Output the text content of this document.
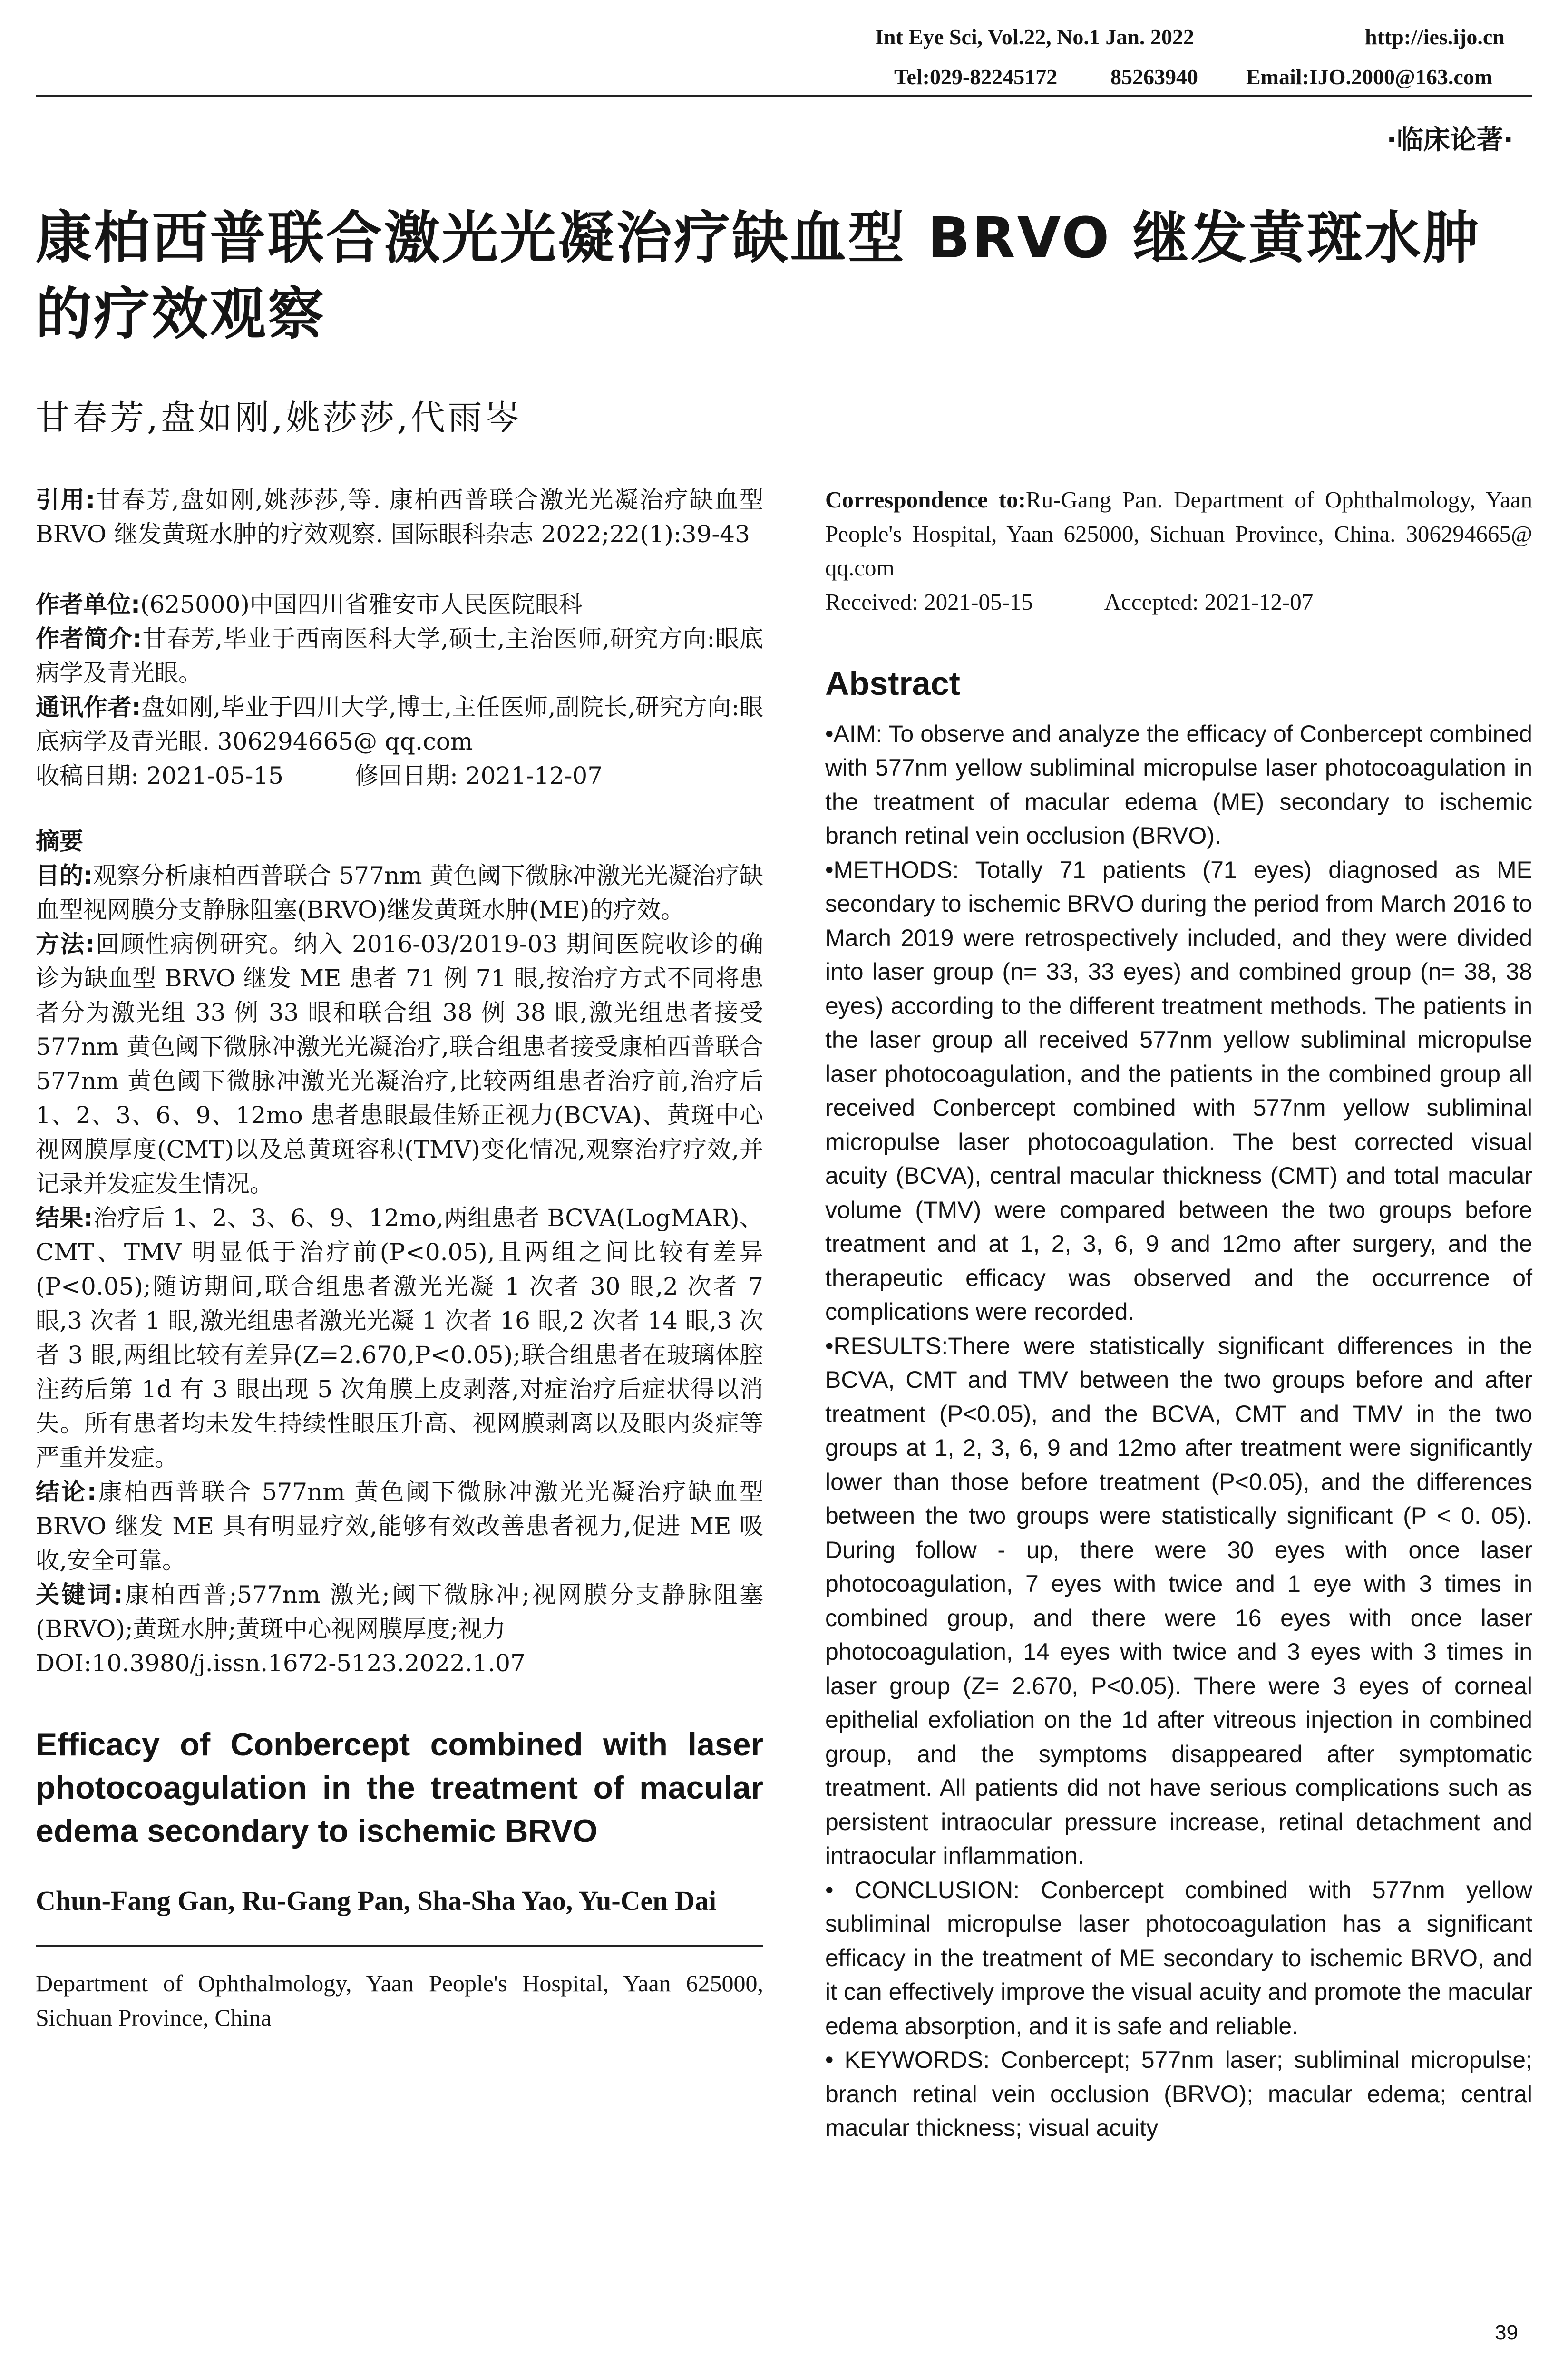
Int Eye Sci, Vol.22, No.1 Jan. 2022	http://ies.ijo.cn
Tel:029-82245172 85263940 Email:IJO.2000@163.com
·临床论著·
康柏西普联合激光光凝治疗缺血型 BRVO 继发黄斑水肿的疗效观察
甘春芳,盘如刚,姚莎莎,代雨岑

引用:甘春芳,盘如刚,姚莎莎,等. 康柏西普联合激光光凝治疗缺血型 BRVO 继发黄斑水肿的疗效观察. 国际眼科杂志 2022;22(1):39-43

作者单位:(625000)中国四川省雅安市人民医院眼科

作者简介:甘春芳,毕业于西南医科大学,硕士,主治医师,研究方向:眼底病学及青光眼。

通讯作者:盘如刚,毕业于四川大学,博士,主任医师,副院长,研究方向:眼底病学及青光眼. 306294665@ qq.com

收稿日期: 2021-05-15	修回日期: 2021-12-07

摘要

目的:观察分析康柏西普联合 577nm 黄色阈下微脉冲激光光凝治疗缺血型视网膜分支静脉阻塞(BRVO)继发黄斑水肿(ME)的疗效。

方法:回顾性病例研究。纳入 2016-03/2019-03 期间医院收诊的确诊为缺血型 BRVO 继发 ME 患者 71 例 71 眼,按治疗方式不同将患者分为激光组 33 例 33 眼和联合组 38 例 38 眼,激光组患者接受 577nm 黄色阈下微脉冲激光光凝治疗,联合组患者接受康柏西普联合 577nm 黄色阈下微脉冲激光光凝治疗,比较两组患者治疗前,治疗后 1、2、3、6、9、12mo 患者患眼最佳矫正视力(BCVA)、黄斑中心视网膜厚度(CMT)以及总黄斑容积(TMV)变化情况,观察治疗疗效,并记录并发症发生情况。

结果:治疗后 1、2、3、6、9、12mo,两组患者 BCVA(LogMAR)、CMT、TMV 明显低于治疗前(P<0.05),且两组之间比较有差异(P<0.05);随访期间,联合组患者激光光凝 1 次者 30 眼,2 次者 7 眼,3 次者 1 眼,激光组患者激光光凝 1 次者 16 眼,2 次者 14 眼,3 次者 3 眼,两组比较有差异(Z=2.670,P<0.05);联合组患者在玻璃体腔注药后第 1d 有 3 眼出现 5 次角膜上皮剥落,对症治疗后症状得以消失。所有患者均未发生持续性眼压升高、视网膜剥离以及眼内炎症等严重并发症。

结论:康柏西普联合 577nm 黄色阈下微脉冲激光光凝治疗缺血型 BRVO 继发 ME 具有明显疗效,能够有效改善患者视力,促进 ME 吸收,安全可靠。

关键词:康柏西普;577nm 激光;阈下微脉冲;视网膜分支静脉阻塞(BRVO);黄斑水肿;黄斑中心视网膜厚度;视力

DOI:10.3980/j.issn.1672-5123.2022.1.07

Efficacy of Conbercept combined with laser photocoagulation in the treatment of macular edema secondary to ischemic BRVO

Chun-Fang Gan, Ru-Gang Pan, Sha-Sha Yao, Yu-Cen Dai

Department of Ophthalmology, Yaan People's Hospital, Yaan 625000, Sichuan Province, China

Correspondence to:Ru-Gang Pan. Department of Ophthalmology, Yaan People's Hospital, Yaan 625000, Sichuan Province, China. 306294665@ qq.com

Received: 2021-05-15	Accepted: 2021-12-07

Abstract

•AIM: To observe and analyze the efficacy of Conbercept combined with 577nm yellow subliminal micropulse laser photocoagulation in the treatment of macular edema (ME) secondary to ischemic branch retinal vein occlusion (BRVO).

•METHODS: Totally 71 patients (71 eyes) diagnosed as ME secondary to ischemic BRVO during the period from March 2016 to March 2019 were retrospectively included, and they were divided into laser group (n= 33, 33 eyes) and combined group (n= 38, 38 eyes) according to the different treatment methods. The patients in the laser group all received 577nm yellow subliminal micropulse laser photocoagulation, and the patients in the combined group all received Conbercept combined with 577nm yellow subliminal micropulse laser photocoagulation. The best corrected visual acuity (BCVA), central macular thickness (CMT) and total macular volume (TMV) were compared between the two groups before treatment and at 1, 2, 3, 6, 9 and 12mo after surgery, and the therapeutic efficacy was observed and the occurrence of complications were recorded.

•RESULTS:There were statistically significant differences in the BCVA, CMT and TMV between the two groups before and after treatment (P<0.05), and the BCVA, CMT and TMV in the two groups at 1, 2, 3, 6, 9 and 12mo after treatment were significantly lower than those before treatment (P<0.05), and the differences between the two groups were statistically significant (P < 0. 05). During follow - up, there were 30 eyes with once laser photocoagulation, 7 eyes with twice and 1 eye with 3 times in combined group, and there were 16 eyes with once laser photocoagulation, 14 eyes with twice and 3 eyes with 3 times in laser group (Z= 2.670, P<0.05). There were 3 eyes of corneal epithelial exfoliation on the 1d after vitreous injection in combined group, and the symptoms disappeared after symptomatic treatment. All patients did not have serious complications such as persistent intraocular pressure increase, retinal detachment and intraocular inflammation.

• CONCLUSION: Conbercept combined with 577nm yellow subliminal micropulse laser photocoagulation has a significant efficacy in the treatment of ME secondary to ischemic BRVO, and it can effectively improve the visual acuity and promote the macular edema absorption, and it is safe and reliable.

• KEYWORDS: Conbercept; 577nm laser; subliminal micropulse; branch retinal vein occlusion (BRVO); macular edema; central macular thickness; visual acuity

39
